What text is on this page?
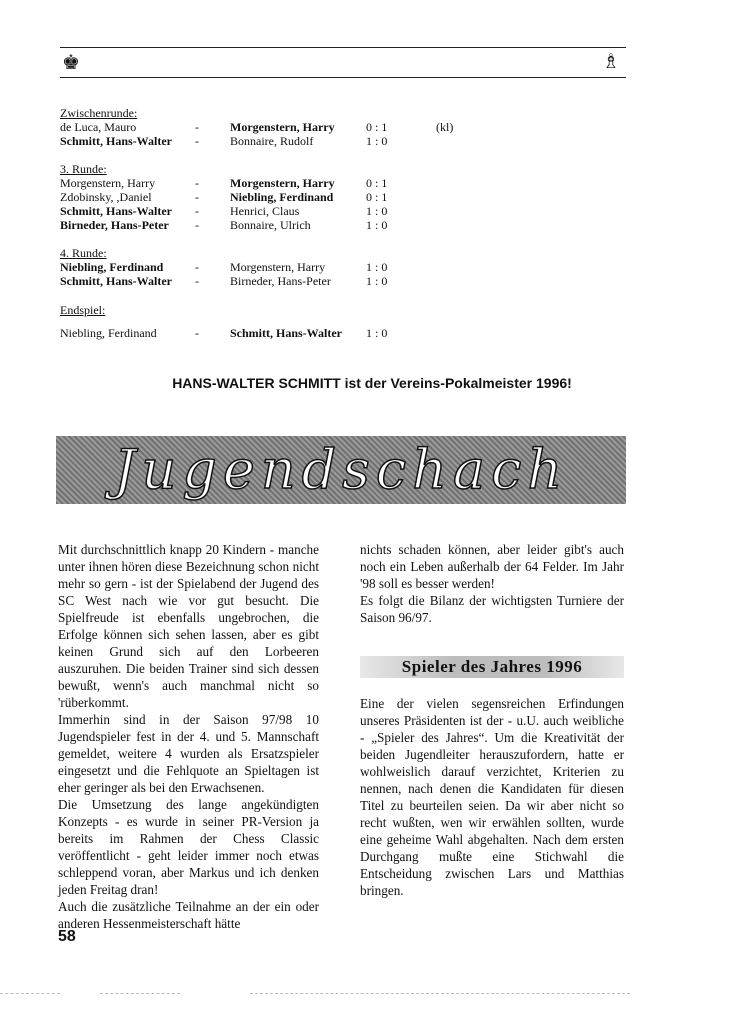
♚	♗
Zwischenrunde:
de Luca, Mauro	-	Morgenstern, Harry	0 : 1	(kl)
Schmitt, Hans-Walter -	Bonnaire, Rudolf	1 : 0
3. Runde:
Morgenstern, Harry	-	Morgenstern, Harry	0 : 1
Zdobinsky, ,Daniel	-	Niebling, Ferdinand	0 : 1
Schmitt, Hans-Walter -	Henrici, Claus	1 : 0
Birneder, Hans-Peter -	Bonnaire, Ulrich	1 : 0
4. Runde:
Niebling, Ferdinand	-	Morgenstern, Harry	1 : 0
Schmitt, Hans-Walter -	Birneder, Hans-Peter	1 : 0
Endspiel:
Niebling, Ferdinand	-	Schmitt, Hans-Walter 1 : 0
HANS-WALTER SCHMITT ist der Vereins-Pokalmeister 1996!
Jugendschach

Mit durchschnittlich knapp 20 Kindern - manche unter ihnen hören diese Bezeichnung schon nicht mehr so gern - ist der Spielabend der Jugend des SC West nach wie vor gut besucht. Die Spielfreude ist ebenfalls ungebrochen, die Erfolge können sich sehen lassen, aber es gibt keinen Grund sich auf den Lorbeeren auszuruhen. Die beiden Trainer sind sich dessen bewußt, wenn's auch manchmal nicht so 'rüberkommt.

Immerhin sind in der Saison 97/98 10 Jugendspieler fest in der 4. und 5. Mannschaft gemeldet, weitere 4 wurden als Ersatzspieler eingesetzt und die Fehlquote an Spieltagen ist eher geringer als bei den Erwachsenen.

Die Umsetzung des lange angekündigten Konzepts - es wurde in seiner PR-Version ja bereits im Rahmen der Chess Classic veröffentlicht - geht leider immer noch etwas schleppend voran, aber Markus und ich denken jeden Freitag dran!

Auch die zusätzliche Teilnahme an der ein oder anderen Hessenmeisterschaft hätte

nichts schaden können, aber leider gibt's auch noch ein Leben außerhalb der 64 Felder. Im Jahr '98 soll es besser werden!

Es folgt die Bilanz der wichtigsten Turniere der Saison 96/97.

Spieler des Jahres 1996

Eine der vielen segensreichen Erfindungen unseres Präsidenten ist der - u.U. auch weibliche - „Spieler des Jahres“. Um die Kreativität der beiden Jugendleiter herauszufordern, hatte er wohlweislich darauf verzichtet, Kriterien zu nennen, nach denen die Kandidaten für diesen Titel zu beurteilen seien. Da wir aber nicht so recht wußten, wen wir erwählen sollten, wurde eine geheime Wahl abgehalten. Nach dem ersten Durchgang mußte eine Stichwahl die Entscheidung zwischen Lars und Matthias bringen.

58
